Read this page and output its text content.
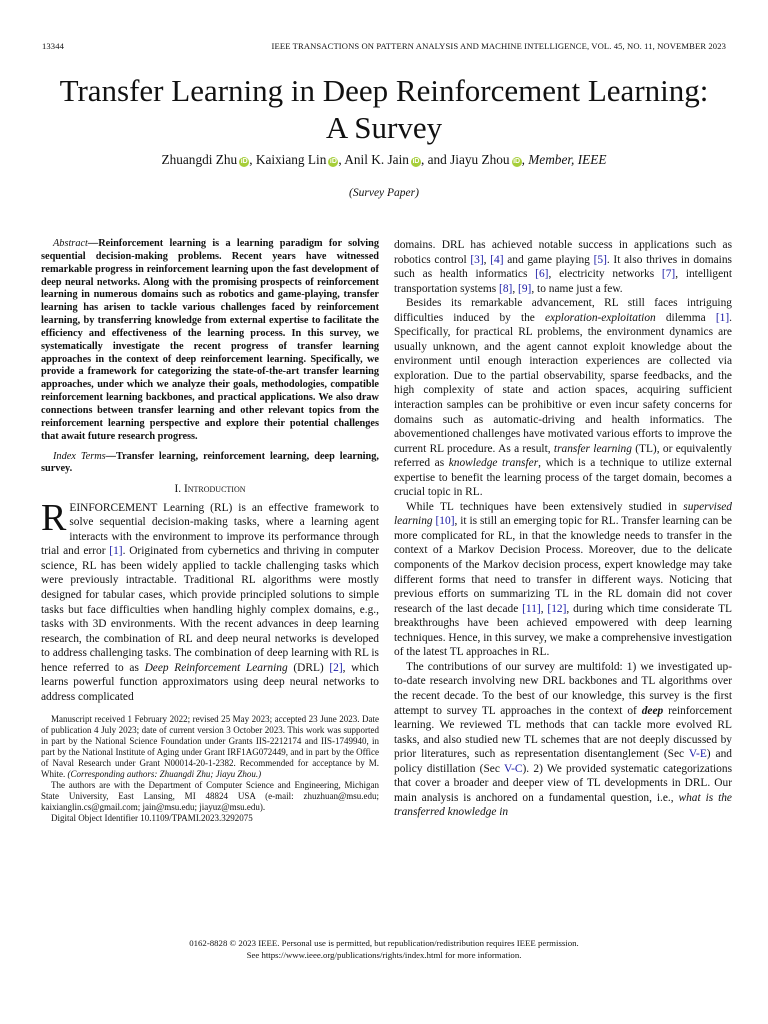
13344	IEEE TRANSACTIONS ON PATTERN ANALYSIS AND MACHINE INTELLIGENCE, VOL. 45, NO. 11, NOVEMBER 2023
Transfer Learning in Deep Reinforcement Learning:
A Survey
Zhuangdi Zhu iD , Kaixiang Lin iD , Anil K. Jain iD , and Jiayu Zhou iD , Member, IEEE
(Survey Paper)

Abstract—Reinforcement learning is a learning paradigm for solving sequential decision-making problems. Recent years have witnessed remarkable progress in reinforcement learning upon the fast development of deep neural networks. Along with the promising prospects of reinforcement learning in numerous domains such as robotics and game-playing, transfer learning has arisen to tackle various challenges faced by reinforcement learning, by transferring knowledge from external expertise to facilitate the efficiency and effectiveness of the learning process. In this survey, we systematically investigate the recent progress of transfer learning approaches in the context of deep reinforcement learning. Specifically, we provide a framework for categorizing the state-of-the-art transfer learning approaches, under which we analyze their goals, methodologies, compatible reinforcement learning backbones, and practical applications. We also draw connections between transfer learning and other relevant topics from the reinforcement learning perspective and explore their potential challenges that await future research progress.

Index Terms—Transfer learning, reinforcement learning, deep learning, survey.

I. Introduction

REINFORCEMENT Learning (RL) is an effective framework to solve sequential decision-making tasks, where a learning agent interacts with the environment to improve its performance through trial and error [1]. Originated from cybernetics and thriving in computer science, RL has been widely applied to tackle challenging tasks which were previously intractable. Traditional RL algorithms were mostly designed for tabular cases, which provide principled solutions to simple tasks but face difficulties when handling highly complex domains, e.g., tasks with 3D environments. With the recent advances in deep learning research, the combination of RL and deep neural networks is developed to address challenging tasks. The combination of deep learning with RL is hence referred to as Deep Reinforcement Learning (DRL) [2], which learns powerful function approximators using deep neural networks to address complicated

Manuscript received 1 February 2022; revised 25 May 2023; accepted 23 June 2023. Date of publication 4 July 2023; date of current version 3 October 2023. This work was supported in part by the National Science Foundation under Grants IIS-2212174 and IIS-1749940, in part by the National Institute of Aging under Grant IRF1AG072449, and in part by the Office of Naval Research under Grant N00014-20-1-2382. Recommended for acceptance by M. White. (Corresponding authors: Zhuangdi Zhu; Jiayu Zhou.)

The authors are with the Department of Computer Science and Engineering, Michigan State University, East Lansing, MI 48824 USA (e-mail: zhuzhuan@msu.edu; kaixianglin.cs@gmail.com; jain@msu.edu; jiayuz@msu.edu).

Digital Object Identifier 10.1109/TPAMI.2023.3292075

domains. DRL has achieved notable success in applications such as robotics control [3], [4] and game playing [5]. It also thrives in domains such as health informatics [6], electricity networks [7], intelligent transportation systems [8], [9], to name just a few.

Besides its remarkable advancement, RL still faces intriguing difficulties induced by the exploration-exploitation dilemma [1]. Specifically, for practical RL problems, the environment dynamics are usually unknown, and the agent cannot exploit knowledge about the environment until enough interaction experiences are collected via exploration. Due to the partial observability, sparse feedbacks, and the high complexity of state and action spaces, acquiring sufficient interaction samples can be prohibitive or even incur safety concerns for domains such as automatic-driving and health informatics. The abovementioned challenges have motivated various efforts to improve the current RL procedure. As a result, transfer learning (TL), or equivalently referred as knowledge transfer, which is a technique to utilize external expertise to benefit the learning process of the target domain, becomes a crucial topic in RL.

While TL techniques have been extensively studied in supervised learning [10], it is still an emerging topic for RL. Transfer learning can be more complicated for RL, in that the knowledge needs to transfer in the context of a Markov Decision Process. Moreover, due to the delicate components of the Markov decision process, expert knowledge may take different forms that need to transfer in different ways. Noticing that previous efforts on summarizing TL in the RL domain did not cover research of the last decade [11], [12], during which time considerate TL breakthroughs have been achieved empowered with deep learning techniques. Hence, in this survey, we make a comprehensive investigation of the latest TL approaches in RL.

The contributions of our survey are multifold: 1) we investigated up-to-date research involving new DRL backbones and TL algorithms over the recent decade. To the best of our knowledge, this survey is the first attempt to survey TL approaches in the context of deep reinforcement learning. We reviewed TL methods that can tackle more evolved RL tasks, and also studied new TL schemes that are not deeply discussed by prior literatures, such as representation disentanglement (Sec V-E) and policy distillation (Sec V-C). 2) We provided systematic categorizations that cover a broader and deeper view of TL developments in DRL. Our main analysis is anchored on a fundamental question, i.e., what is the transferred knowledge in

0162-8828 © 2023 IEEE. Personal use is permitted, but republication/redistribution requires IEEE permission.
See https://www.ieee.org/publications/rights/index.html for more information.
